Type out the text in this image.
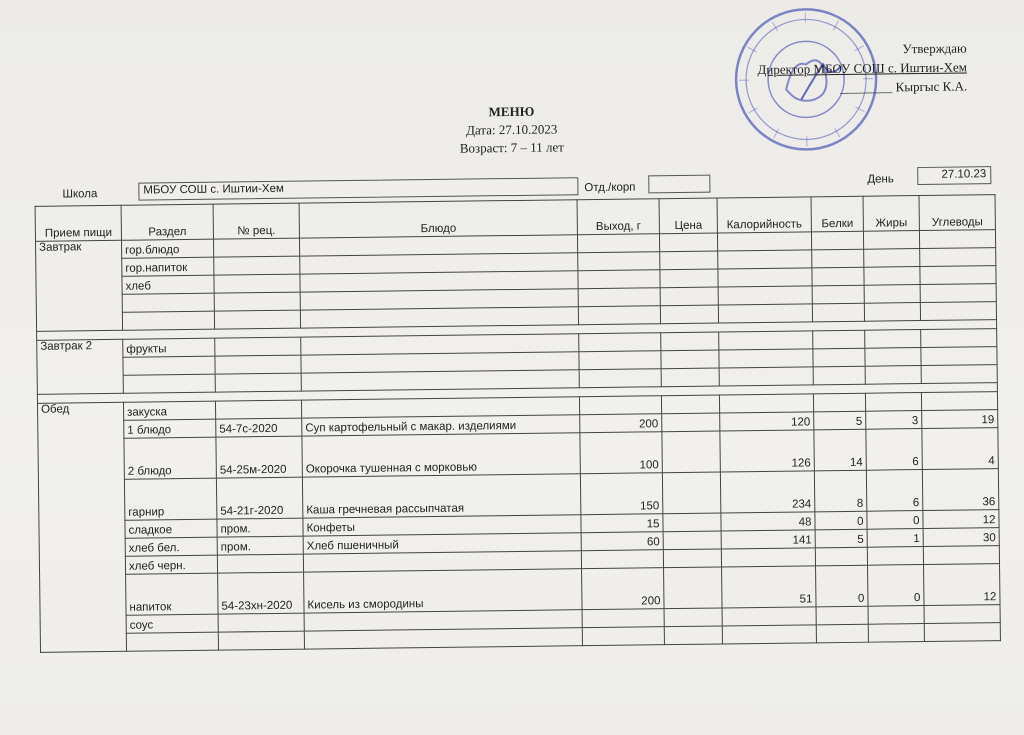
Утверждаю
Директор МБОУ СОШ с. Иштии-Хем
________ Кыргыс К.А.
МЕНЮ
Дата: 27.10.2023
Возраст: 7 – 11 лет
Школа	МБОУ СОШ с. Иштии-Хем	Отд./корп
День	27.10.23
Прием пищи	Раздел	№ рец.	Блюдо	Выход, г	Цена	Калорийность	Белки	Жиры	Углеводы
Завтрак	гор.блюдо								
	гор.напиток								
	хлеб								

Завтрак 2	фрукты								

Обед	закуска								
	1 блюдо	54-7с-2020	Суп картофельный с макар. изделиями	200		120	5	3	19
	2 блюдо	54-25м-2020	Окорочка тушенная с морковью	100		126	14	6	4
	гарнир	54-21г-2020	Каша гречневая рассыпчатая	150		234	8	6	36
	сладкое	пром.	Конфеты	15		48	0	0	12
	хлеб бел.	пром.	Хлеб пшеничный	60		141	5	1	30
	хлеб черн.								
	напиток	54-23хн-2020	Кисель из смородины	200		51	0	0	12
	соус								
